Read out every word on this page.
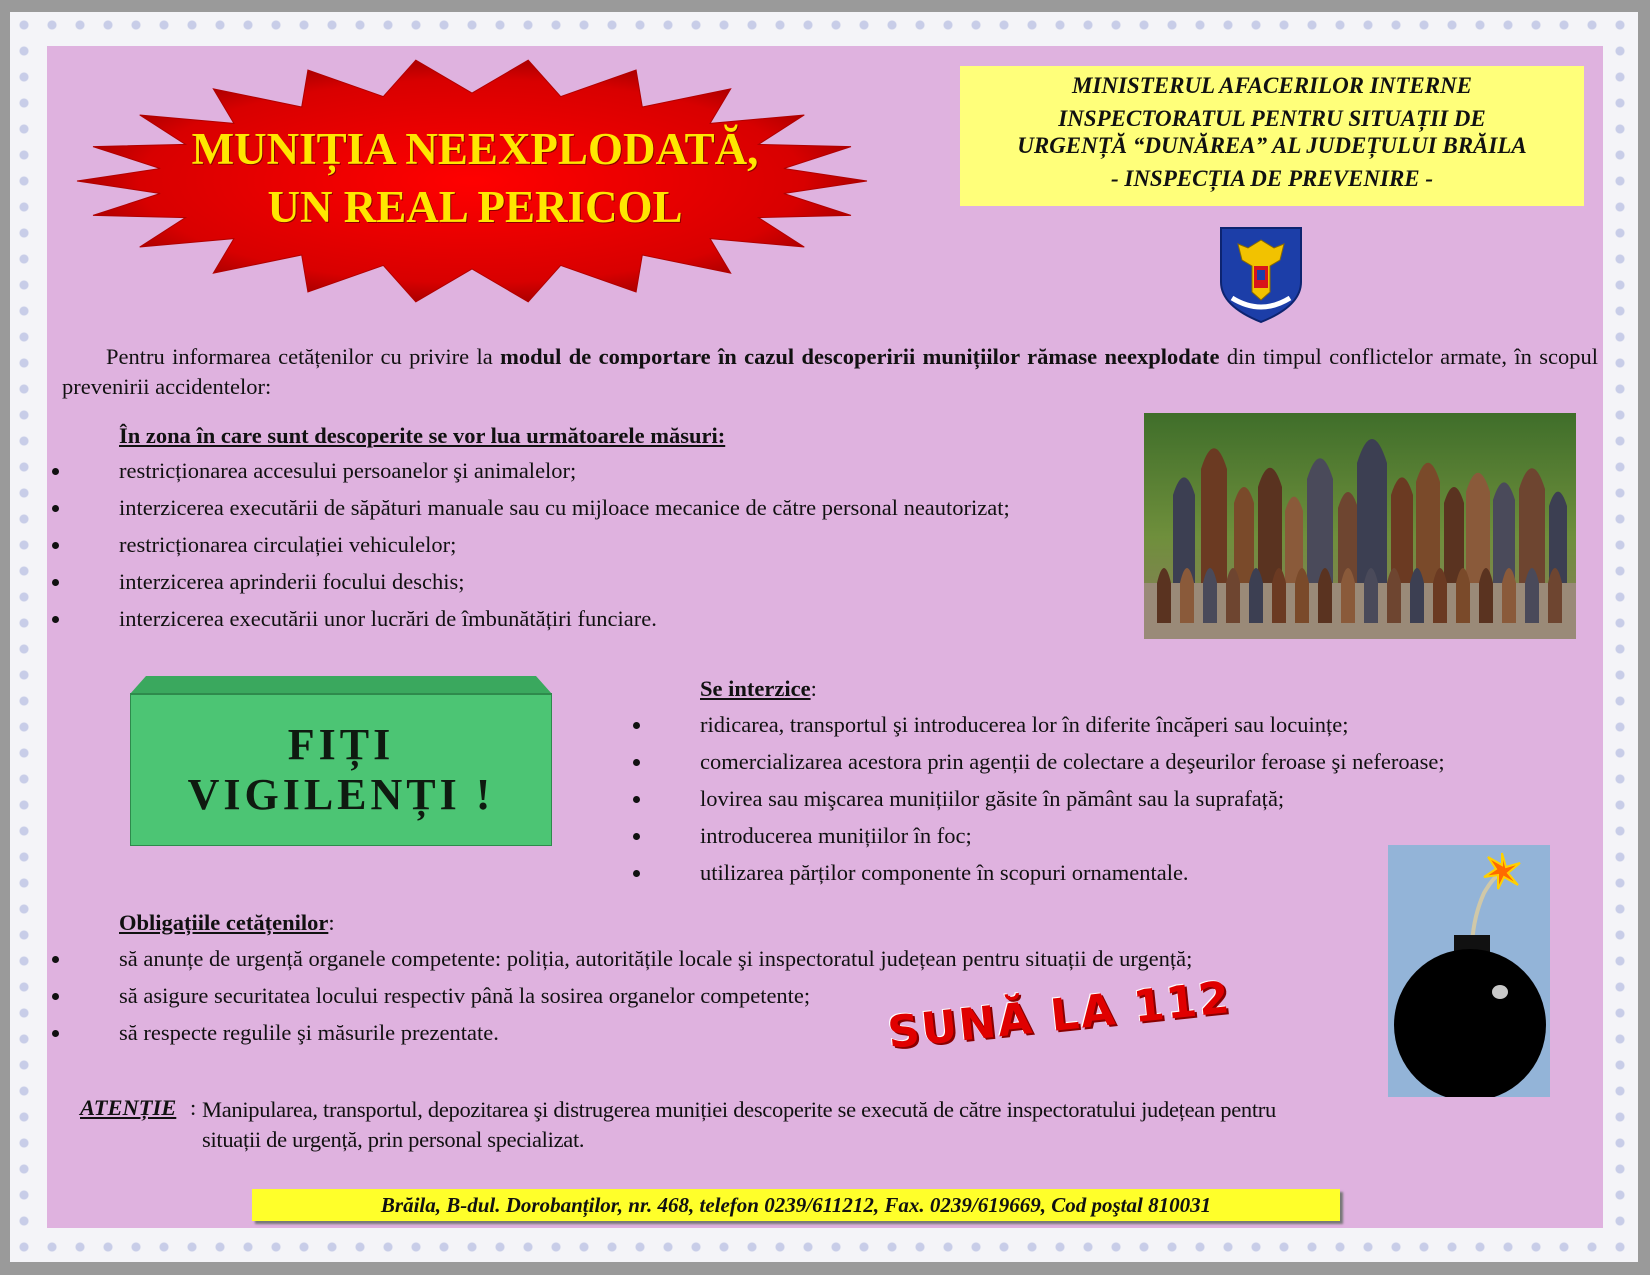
MUNIȚIA NEEXPLODATĂ,
UN REAL PERICOL
MINISTERUL AFACERILOR INTERNE
INSPECTORATUL PENTRU SITUAȚII DE
URGENȚĂ “DUNĂREA” AL JUDEȚULUI BRĂILA
- INSPECȚIA DE PREVENIRE -
Pentru informarea cetățenilor cu privire la modul de comportare în cazul descoperirii munițiilor rămase neexplodate din timpul conflictelor armate, în scopul prevenirii accidentelor:
În zona în care sunt descoperite se vor lua următoarele măsuri:
restricționarea accesului persoanelor şi animalelor;
interzicerea executării de săpături manuale sau cu mijloace mecanice de către personal neautorizat;
restricționarea circulației vehiculelor;
interzicerea aprinderii focului deschis;
interzicerea executării unor lucrări de îmbunătățiri funciare.
FIȚI
VIGILENȚI !
Se interzice:
ridicarea, transportul şi introducerea lor în diferite încăperi sau locuințe;
comercializarea acestora prin agenții de colectare a deşeurilor feroase şi neferoase;
lovirea sau mişcarea munițiilor găsite în pământ sau la suprafață;
introducerea munițiilor în foc;
utilizarea părților componente în scopuri ornamentale.
Obligațiile cetățenilor:
să anunțe de urgență organele competente: poliția, autoritățile locale şi inspectoratul județean pentru situații de urgență;
să asigure securitatea locului respectiv până la sosirea organelor competente;
să respecte regulile şi măsurile prezentate.	SUNĂ LA 112
ATENȚIE : Manipularea, transportul, depozitarea şi distrugerea muniției descoperite se execută de către inspectoratului județean pentru situații de urgență, prin personal specializat.
Brăila, B-dul. Dorobanților, nr. 468, telefon 0239/611212, Fax. 0239/619669, Cod poştal 810031
